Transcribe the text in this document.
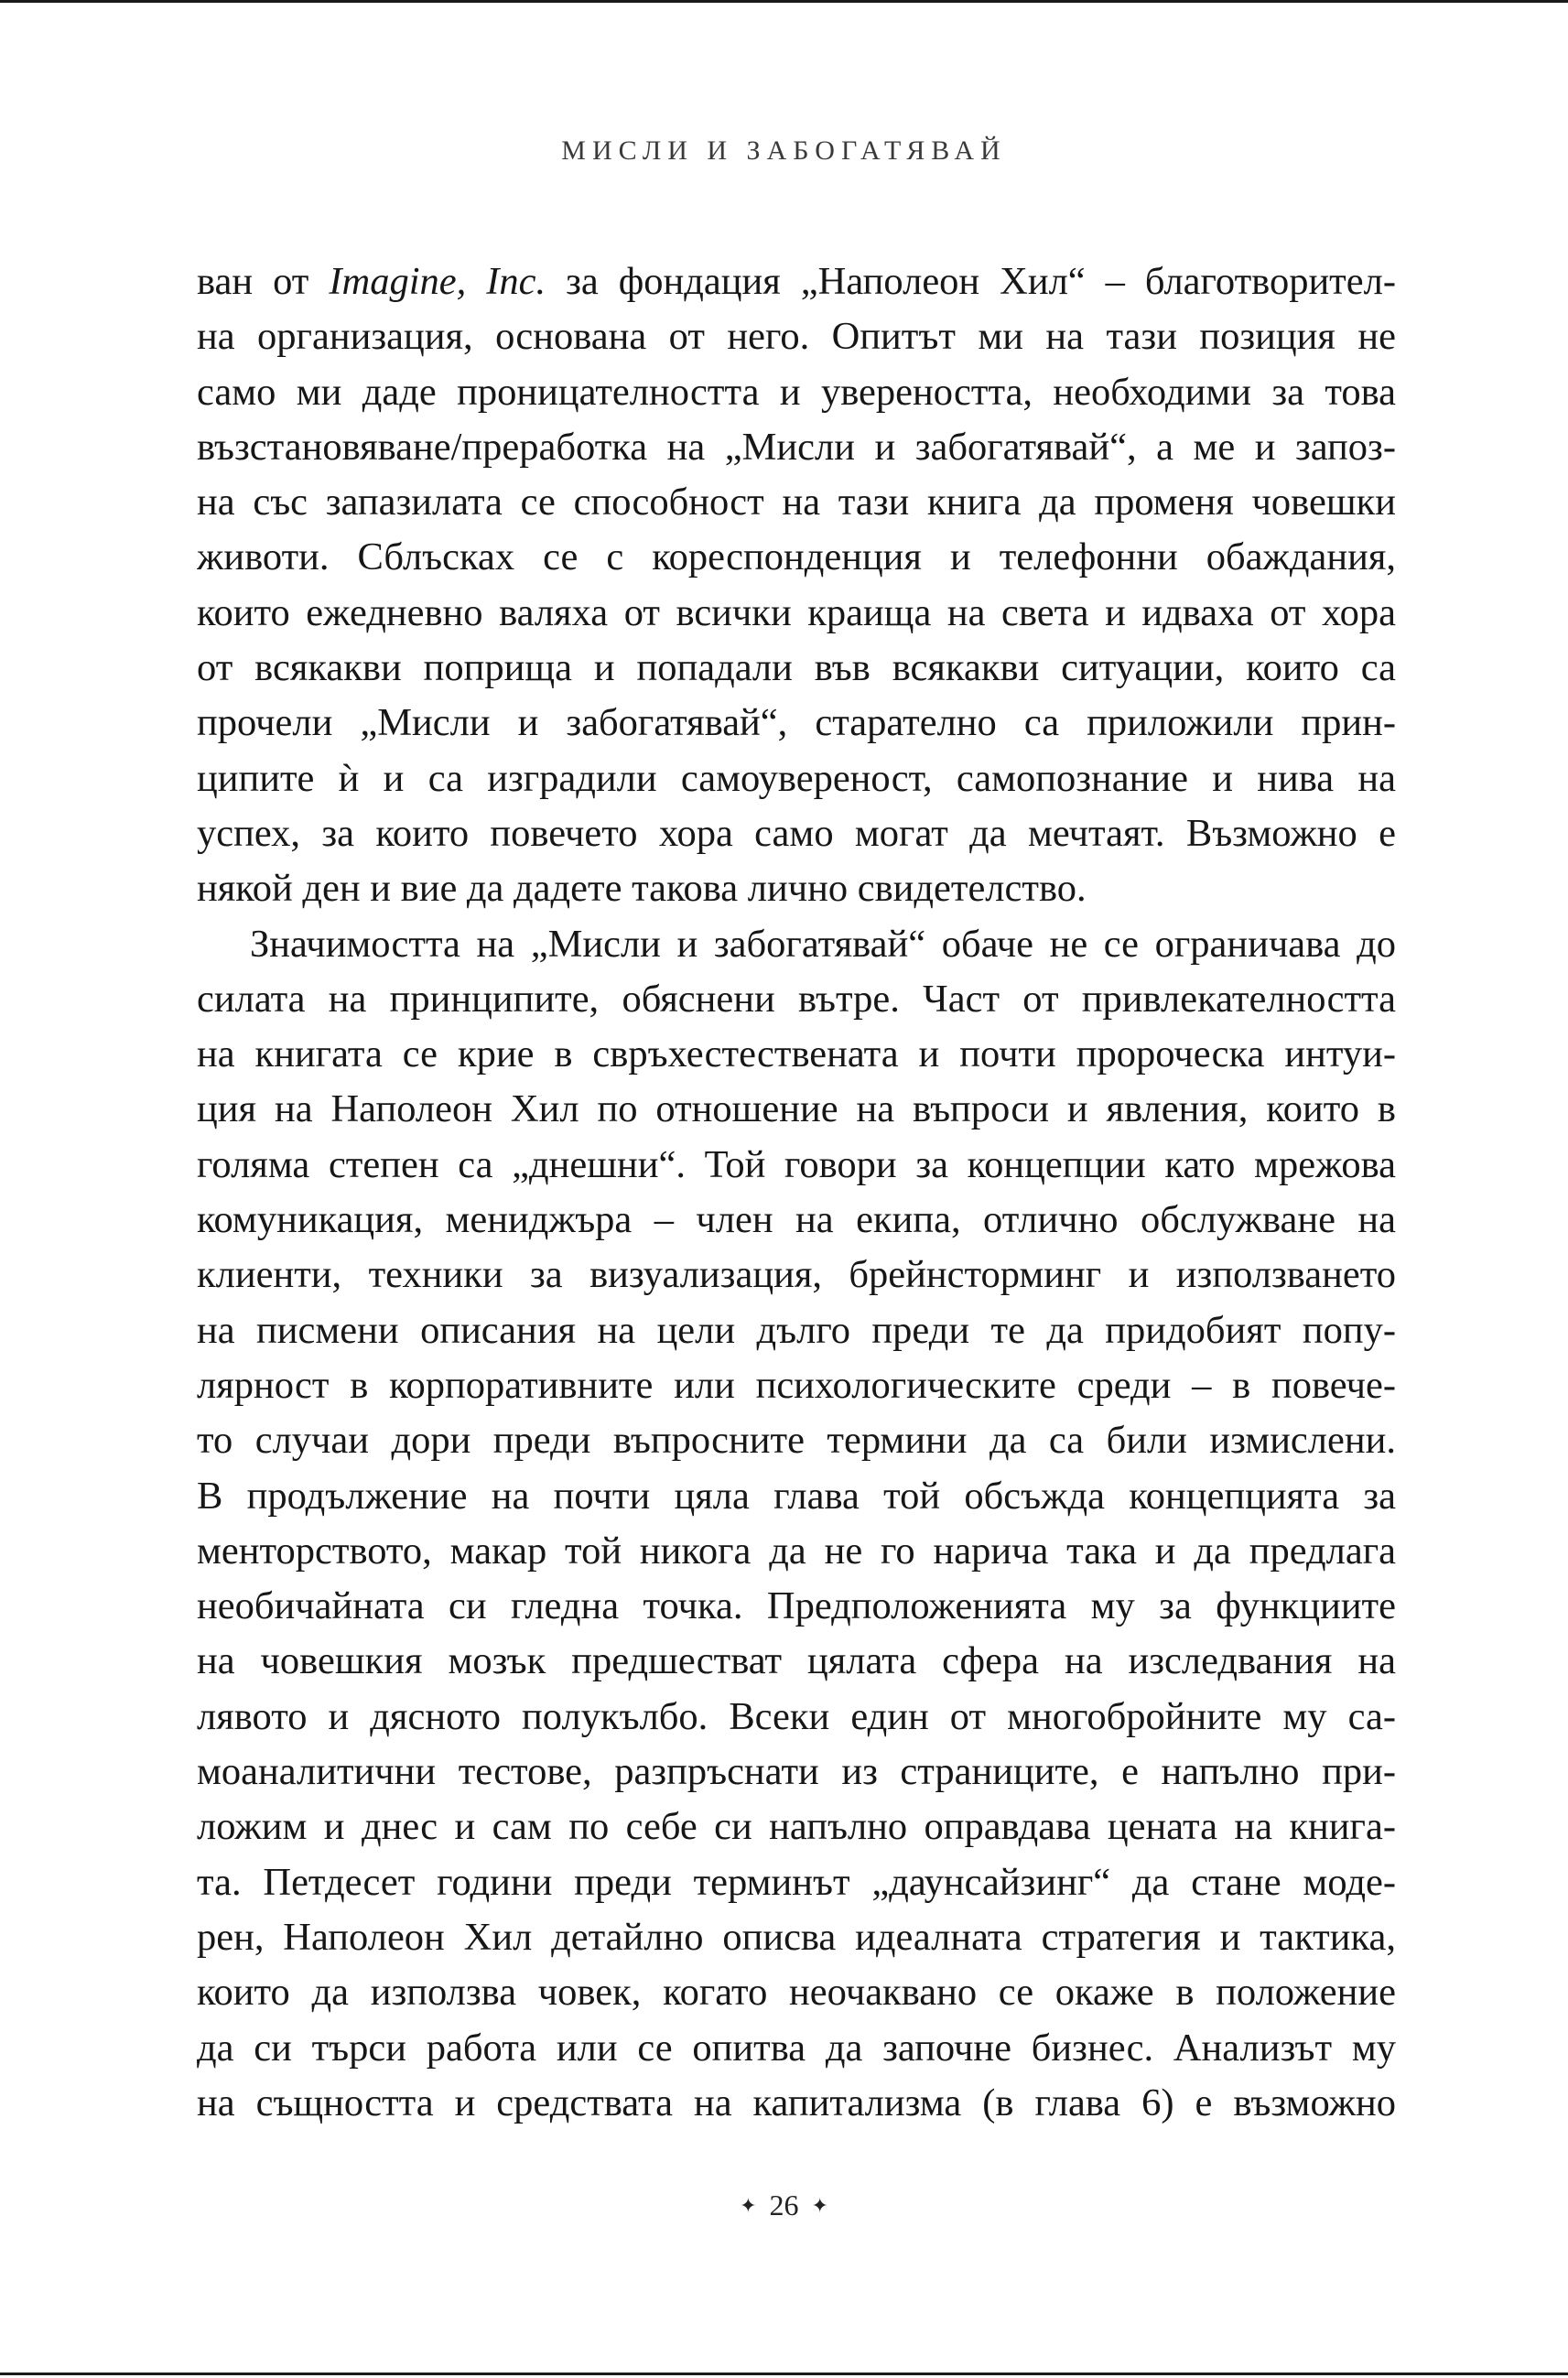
МИСЛИ И ЗАБОГАТЯВАЙ
ван от Imagine, Inc. за фондация „Наполеон Хил“ – благотворител-
на организация, основана от него. Опитът ми на тази позиция не
само ми даде проницателността и увереността, необходими за това
възстановяване/преработка на „Мисли и забогатявай“, а ме и запоз-
на със запазилата се способност на тази книга да променя човешки
животи. Сблъсках се с кореспонденция и телефонни обаждания,
които ежедневно валяха от всички краища на света и идваха от хора
от всякакви поприща и попадали във всякакви ситуации, които са
прочели „Мисли и забогатявай“, старателно са приложили прин-
ципите ѝ и са изградили самоувереност, самопознание и нива на
успех, за които повечето хора само могат да мечтаят. Възможно е
някой ден и вие да дадете такова лично свидетелство.
Значимостта на „Мисли и забогатявай“ обаче не се ограничава до
силата на принципите, обяснени вътре. Част от привлекателността
на книгата се крие в свръхестествената и почти пророческа интуи-
ция на Наполеон Хил по отношение на въпроси и явления, които в
голяма степен са „днешни“. Той говори за концепции като мрежова
комуникация, мениджъра – член на екипа, отлично обслужване на
клиенти, техники за визуализация, брейнсторминг и използването
на писмени описания на цели дълго преди те да придобият попу-
лярност в корпоративните или психологическите среди – в повече-
то случаи дори преди въпросните термини да са били измислени.
В продължение на почти цяла глава той обсъжда концепцията за
менторството, макар той никога да не го нарича така и да предлага
необичайната си гледна точка. Предположенията му за функциите
на човешкия мозък предшестват цялата сфера на изследвания на
лявото и дясното полукълбо. Всеки един от многобройните му са-
моаналитични тестове, разпръснати из страниците, е напълно при-
ложим и днес и сам по себе си напълно оправдава цената на книга-
та. Петдесет години преди терминът „даунсайзинг“ да стане моде-
рен, Наполеон Хил детайлно описва идеалната стратегия и тактика,
които да използва човек, когато неочаквано се окаже в положение
да си търси работа или се опитва да започне бизнес. Анализът му
на същността и средствата на капитализма (в глава 6) е възможно
✦ 26 ✦
